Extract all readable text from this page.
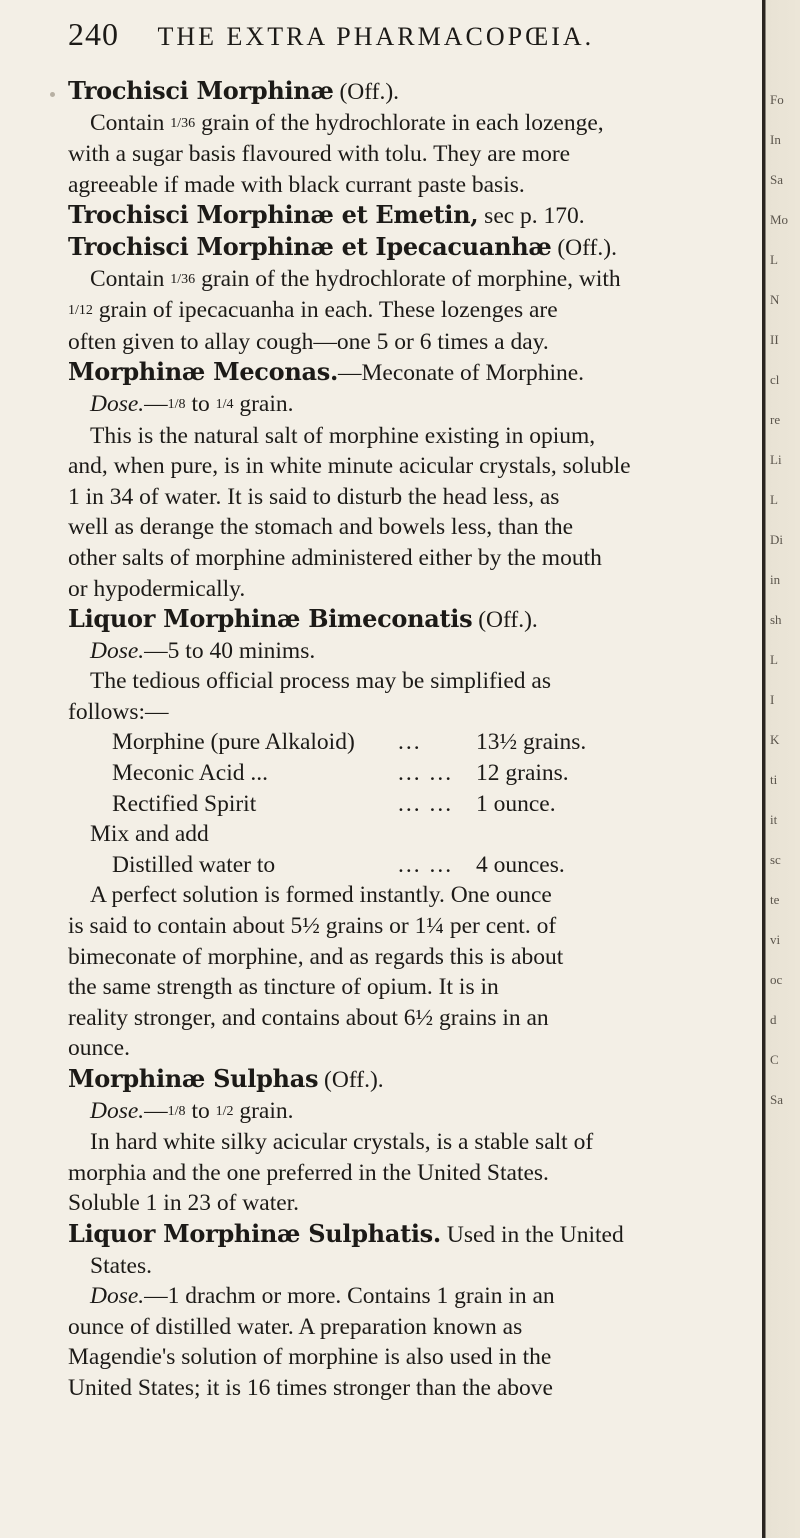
240 THE EXTRA PHARMACOPŒIA.

Trochisci Morphinæ (Off.).

Contain 1/36 grain of the hydrochlorate in each lozenge,

with a sugar basis flavoured with tolu. They are more

agreeable if made with black currant paste basis.

Trochisci Morphinæ et Emetin, sec p. 170.

Trochisci Morphinæ et Ipecacuanhæ (Off.).

Contain 1/36 grain of the hydrochlorate of morphine, with

1/12 grain of ipecacuanha in each. These lozenges are

often given to allay cough—one 5 or 6 times a day.

Morphinæ Meconas.—Meconate of Morphine.

Dose.—1/8 to 1/4 grain.

This is the natural salt of morphine existing in opium,

and, when pure, is in white minute acicular crystals, soluble

1 in 34 of water. It is said to disturb the head less, as

well as derange the stomach and bowels less, than the

other salts of morphine administered either by the mouth

or hypodermically.

Liquor Morphinæ Bimeconatis (Off.).

Dose.—5 to 40 minims.

The tedious official process may be simplified as

follows:—

Morphine (pure Alkaloid)	...	13½ grains.
Meconic Acid ...	... ... 12 grains.
Rectified Spirit	... ... 1 ounce.

Mix and add

Distilled water to	... ... 4 ounces.

A perfect solution is formed instantly. One ounce

is said to contain about 5½ grains or 1¼ per cent. of

bimeconate of morphine, and as regards this is about

the same strength as tincture of opium. It is in

reality stronger, and contains about 6½ grains in an

ounce.

Morphinæ Sulphas (Off.).

Dose.—1/8 to 1/2 grain.

In hard white silky acicular crystals, is a stable salt of

morphia and the one preferred in the United States.

Soluble 1 in 23 of water.

Liquor Morphinæ Sulphatis. Used in the United

States.

Dose.—1 drachm or more. Contains 1 grain in an

ounce of distilled water. A preparation known as

Magendie's solution of morphine is also used in the

United States; it is 16 times stronger than the above

Fo
In
Sa
Mo
L
N
II
cl
re
Li
L
Di
in
sh
L
I
K
ti
it
sc
te
vi
oc
d
C
Sa
